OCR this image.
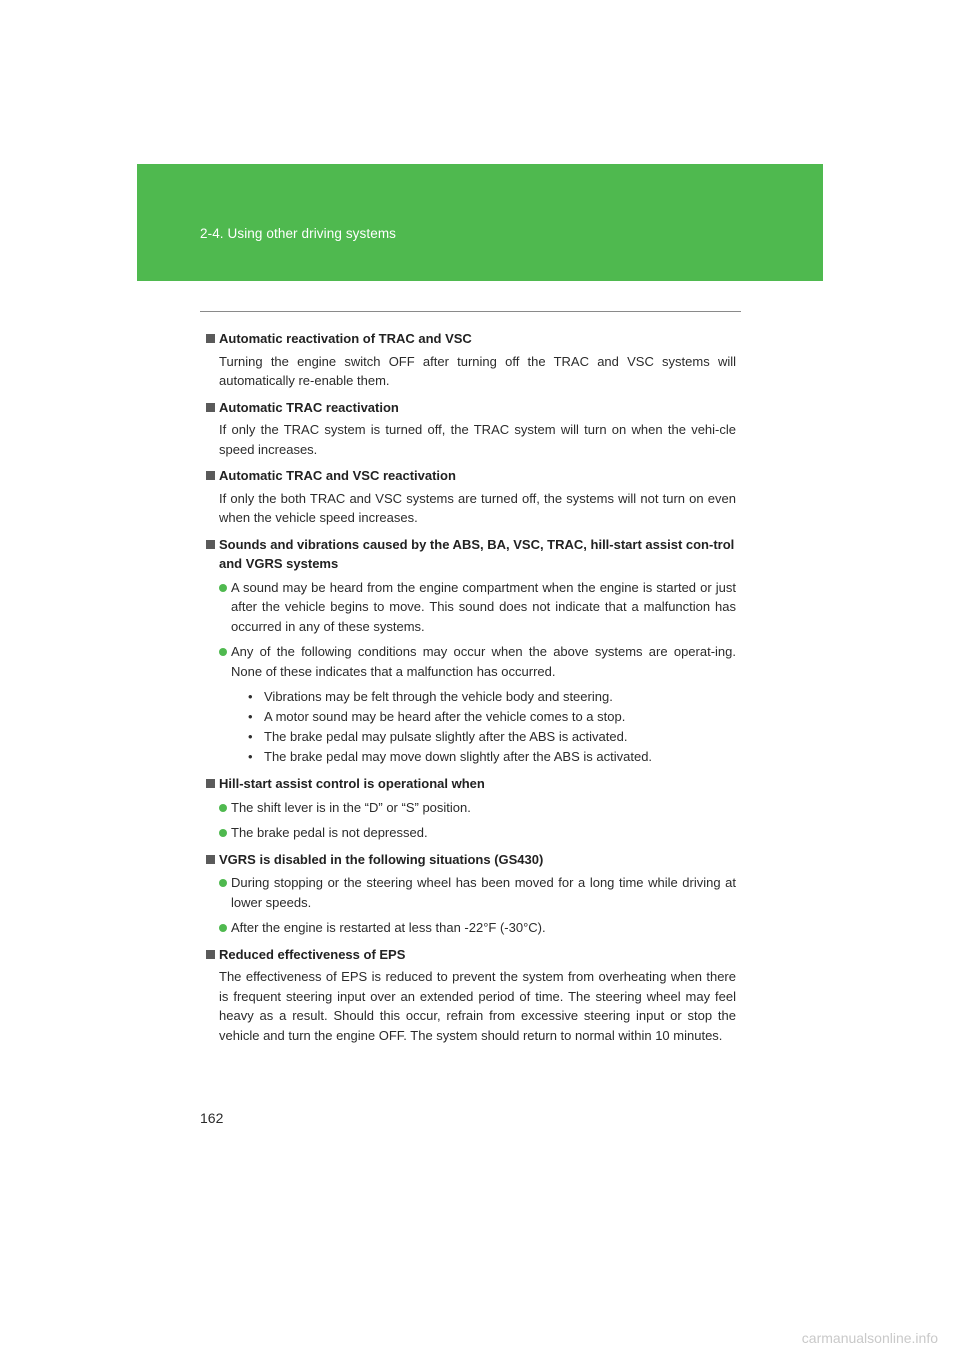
2-4. Using other driving systems
Automatic reactivation of TRAC and VSC
Turning the engine switch OFF after turning off the TRAC and VSC systems will automatically re-enable them.
Automatic TRAC reactivation
If only the TRAC system is turned off, the TRAC system will turn on when the vehi-cle speed increases.
Automatic TRAC and VSC reactivation
If only the both TRAC and VSC systems are turned off, the systems will not turn on even when the vehicle speed increases.
Sounds and vibrations caused by the ABS, BA, VSC, TRAC, hill-start assist con-trol and VGRS systems
A sound may be heard from the engine compartment when the engine is started or just after the vehicle begins to move. This sound does not indicate that a malfunction has occurred in any of these systems.
Any of the following conditions may occur when the above systems are operat-ing. None of these indicates that a malfunction has occurred.
• Vibrations may be felt through the vehicle body and steering.
• A motor sound may be heard after the vehicle comes to a stop.
• The brake pedal may pulsate slightly after the ABS is activated.
• The brake pedal may move down slightly after the ABS is activated.
Hill-start assist control is operational when
The shift lever is in the “D” or “S” position.
The brake pedal is not depressed.
VGRS is disabled in the following situations (GS430)
During stopping or the steering wheel has been moved for a long time while driving at lower speeds.
After the engine is restarted at less than -22°F (-30°C).
Reduced effectiveness of EPS
The effectiveness of EPS is reduced to prevent the system from overheating when there is frequent steering input over an extended period of time. The steering wheel may feel heavy as a result. Should this occur, refrain from excessive steering input or stop the vehicle and turn the engine OFF. The system should return to normal within 10 minutes.
162
carmanualsonline.info
